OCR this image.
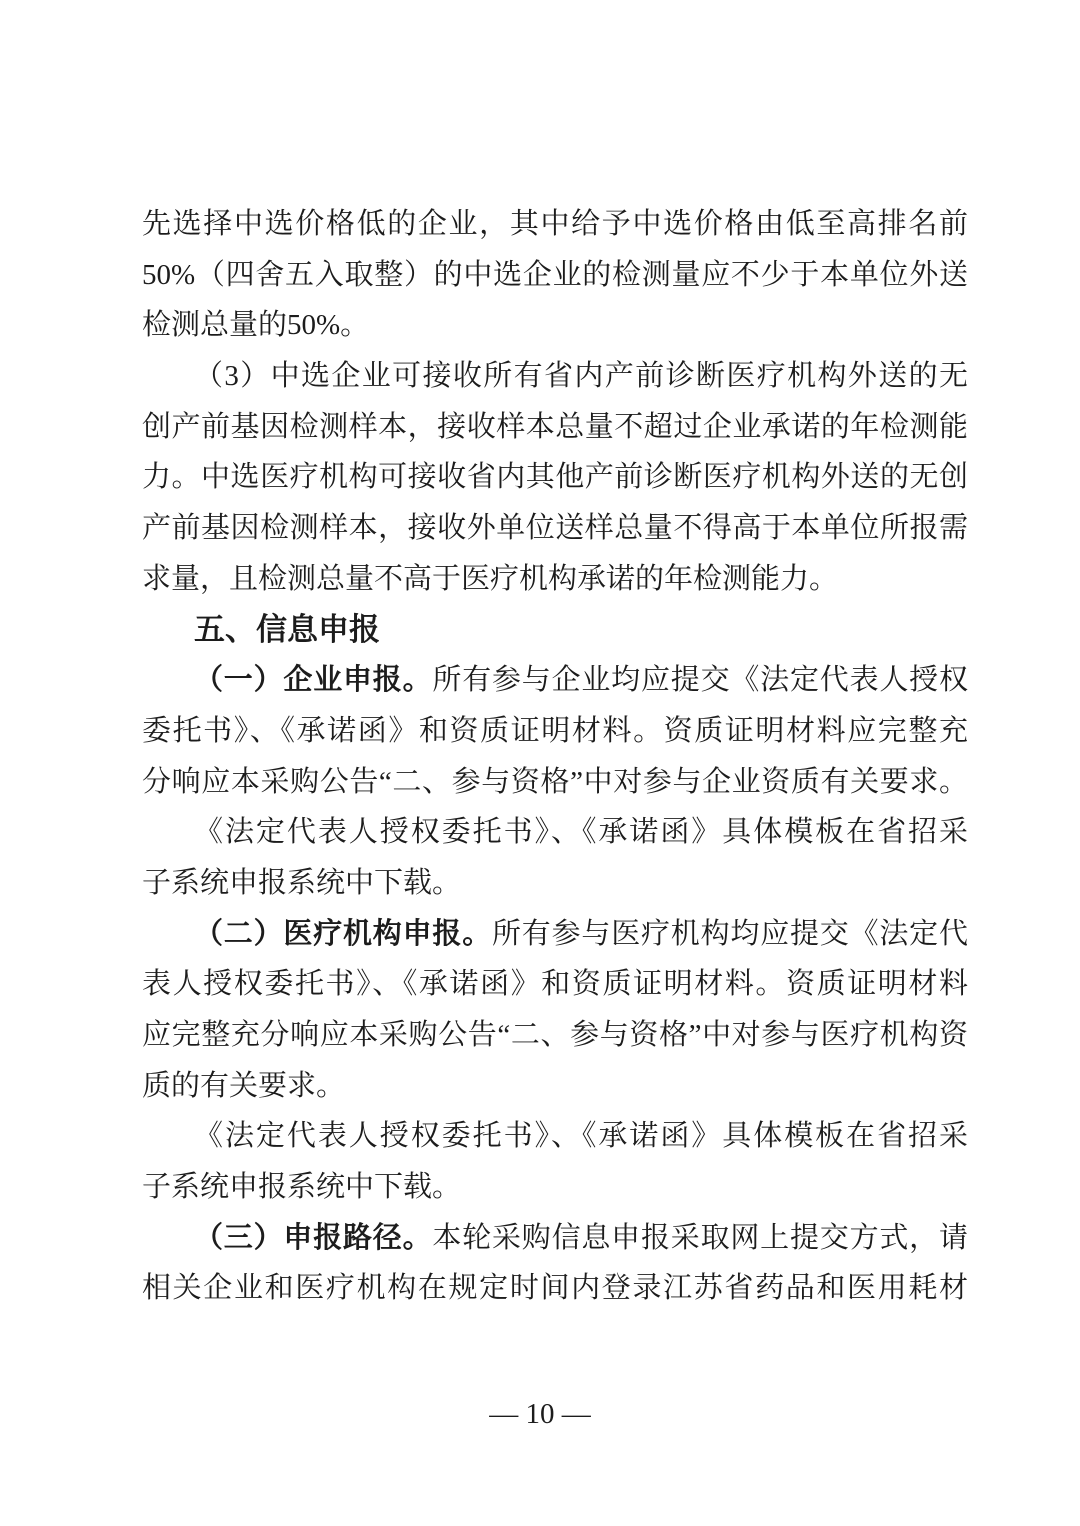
先选择中选价格低的企业，其中给予中选价格由低至高排名前
50%（四舍五入取整）的中选企业的检测量应不少于本单位外送
检测总量的50%。
（3）中选企业可接收所有省内产前诊断医疗机构外送的无
创产前基因检测样本，接收样本总量不超过企业承诺的年检测能
力。中选医疗机构可接收省内其他产前诊断医疗机构外送的无创
产前基因检测样本，接收外单位送样总量不得高于本单位所报需
求量，且检测总量不高于医疗机构承诺的年检测能力。
五、信息申报
（一）企业申报。所有参与企业均应提交《法定代表人授权
委托书》、《承诺函》和资质证明材料。资质证明材料应完整充
分响应本采购公告“二、参与资格”中对参与企业资质有关要求。
《法定代表人授权委托书》、《承诺函》具体模板在省招采
子系统申报系统中下载。
（二）医疗机构申报。所有参与医疗机构均应提交《法定代
表人授权委托书》、《承诺函》和资质证明材料。资质证明材料
应完整充分响应本采购公告“二、参与资格”中对参与医疗机构资
质的有关要求。
《法定代表人授权委托书》、《承诺函》具体模板在省招采
子系统申报系统中下载。
（三）申报路径。本轮采购信息申报采取网上提交方式，请
相关企业和医疗机构在规定时间内登录江苏省药品和医用耗材
— 10 —
